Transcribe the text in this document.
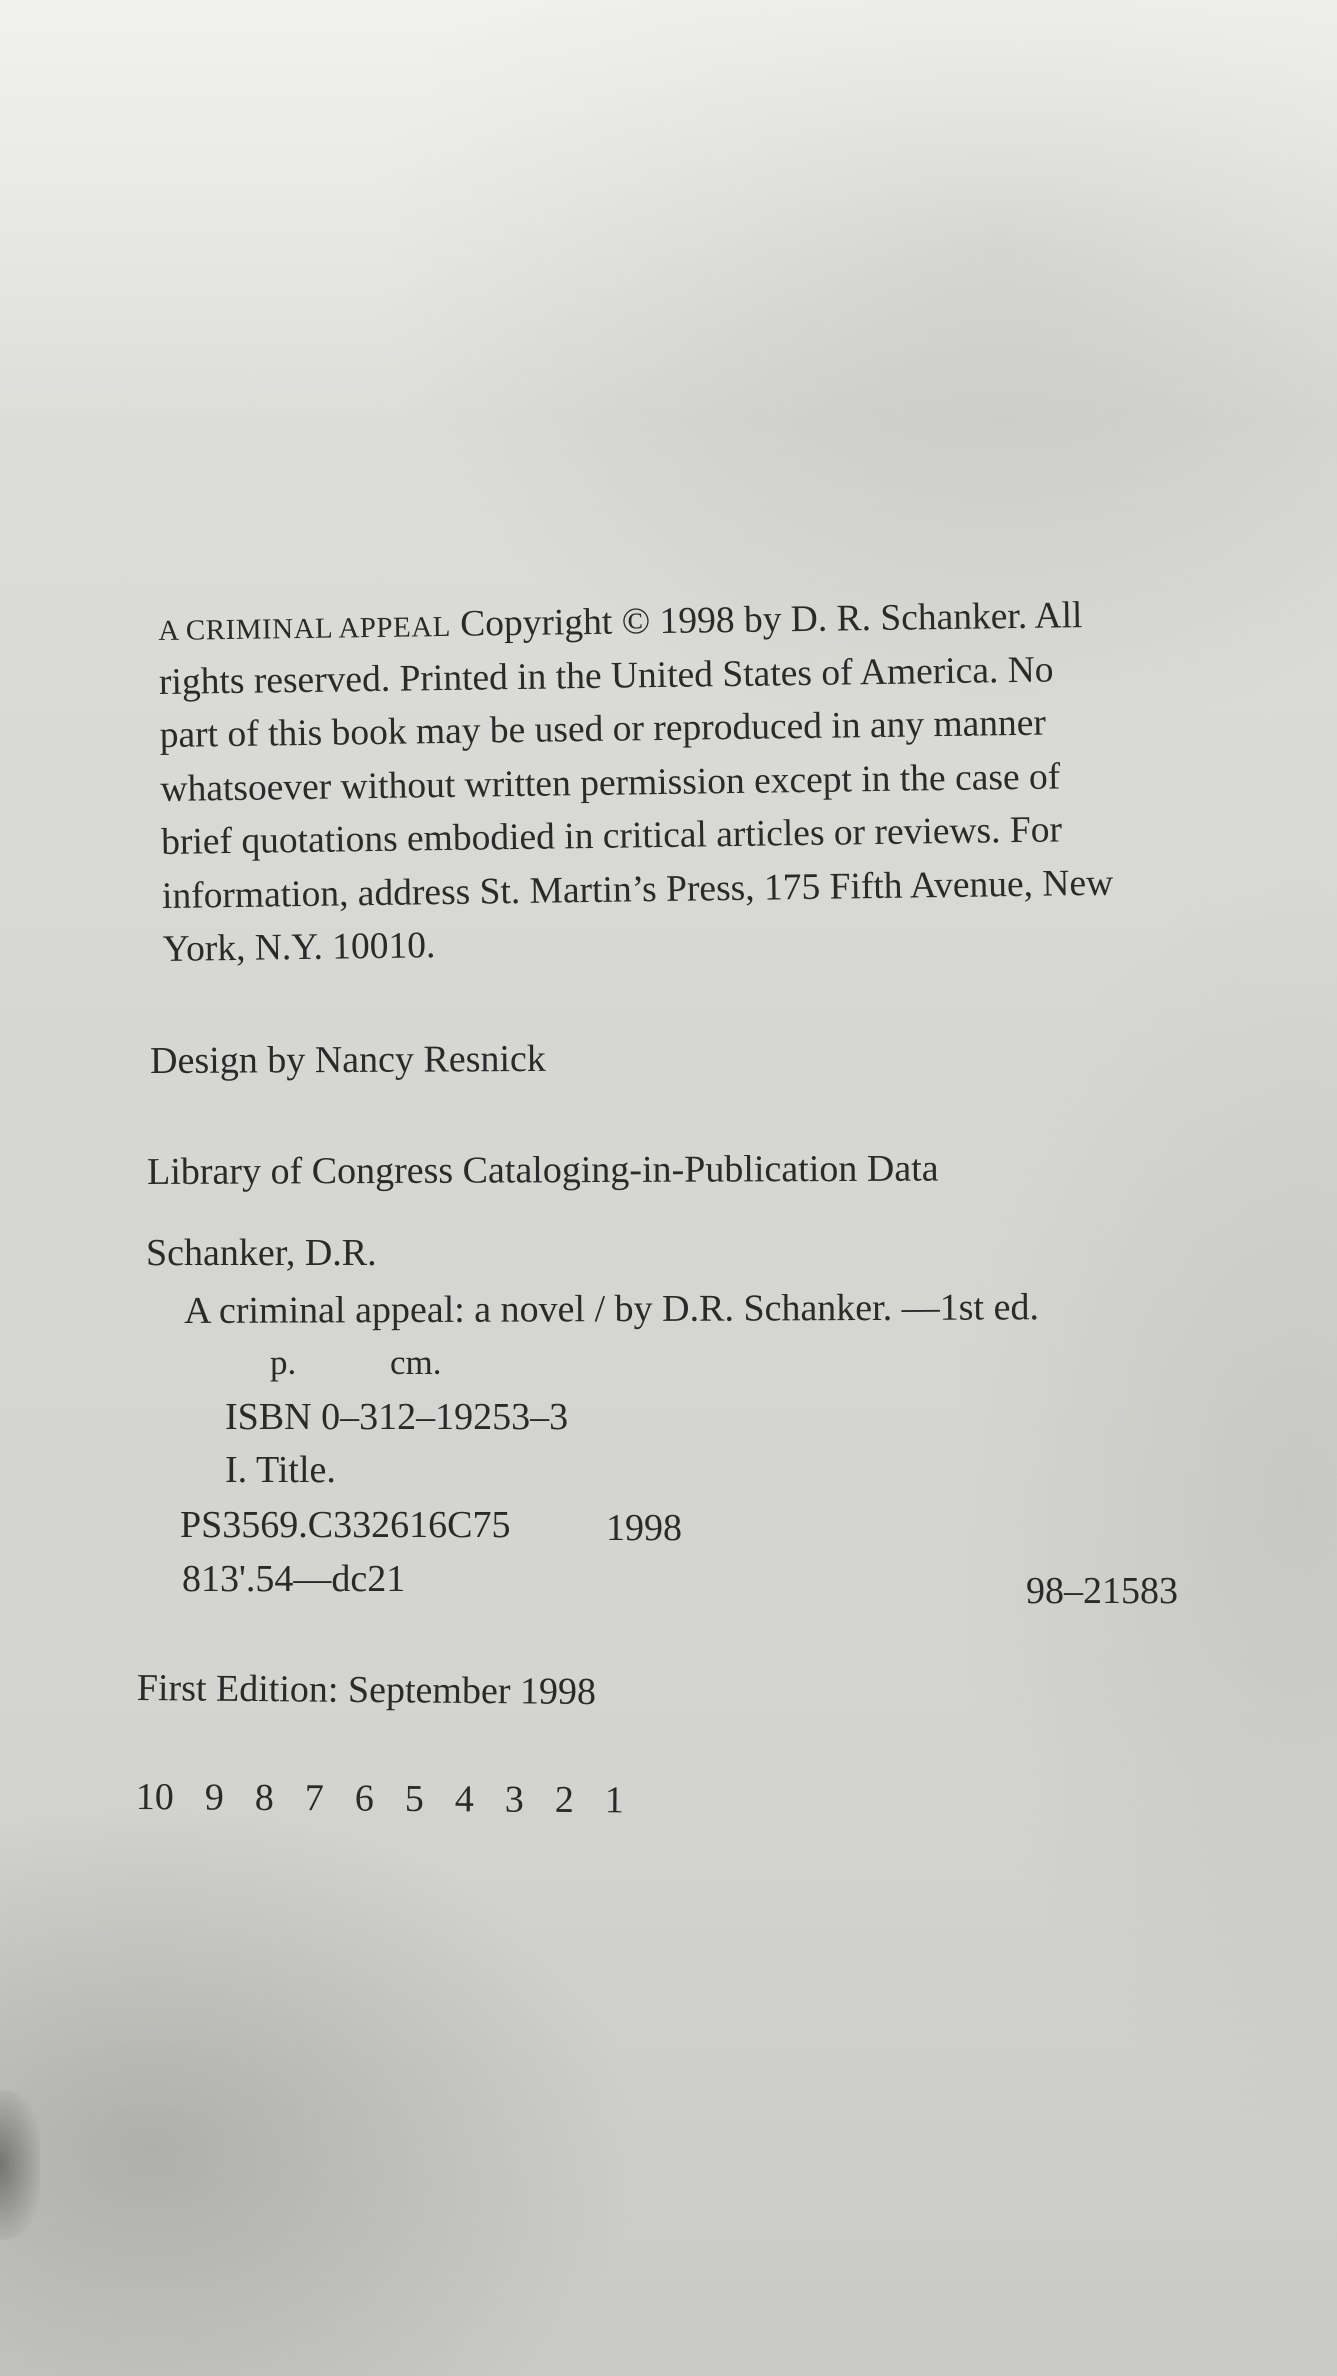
A CRIMINAL APPEAL Copyright © 1998 by D. R. Schanker. All
rights reserved. Printed in the United States of America. No
part of this book may be used or reproduced in any manner
whatsoever without written permission except in the case of
brief quotations embodied in critical articles or reviews. For
information, address St. Martin’s Press, 175 Fifth Avenue, New
York, N.Y. 10010.
Design by Nancy Resnick
Library of Congress Cataloging-in-Publication Data
Schanker, D.R.
A criminal appeal: a novel / by D.R. Schanker. —1st ed.
p.	cm.
ISBN 0–312–19253–3
I. Title.
PS3569.C332616C75	1998
813'.54—dc21	98–21583
First Edition: September 1998
10  9  8  7  6  5  4  3  2  1
